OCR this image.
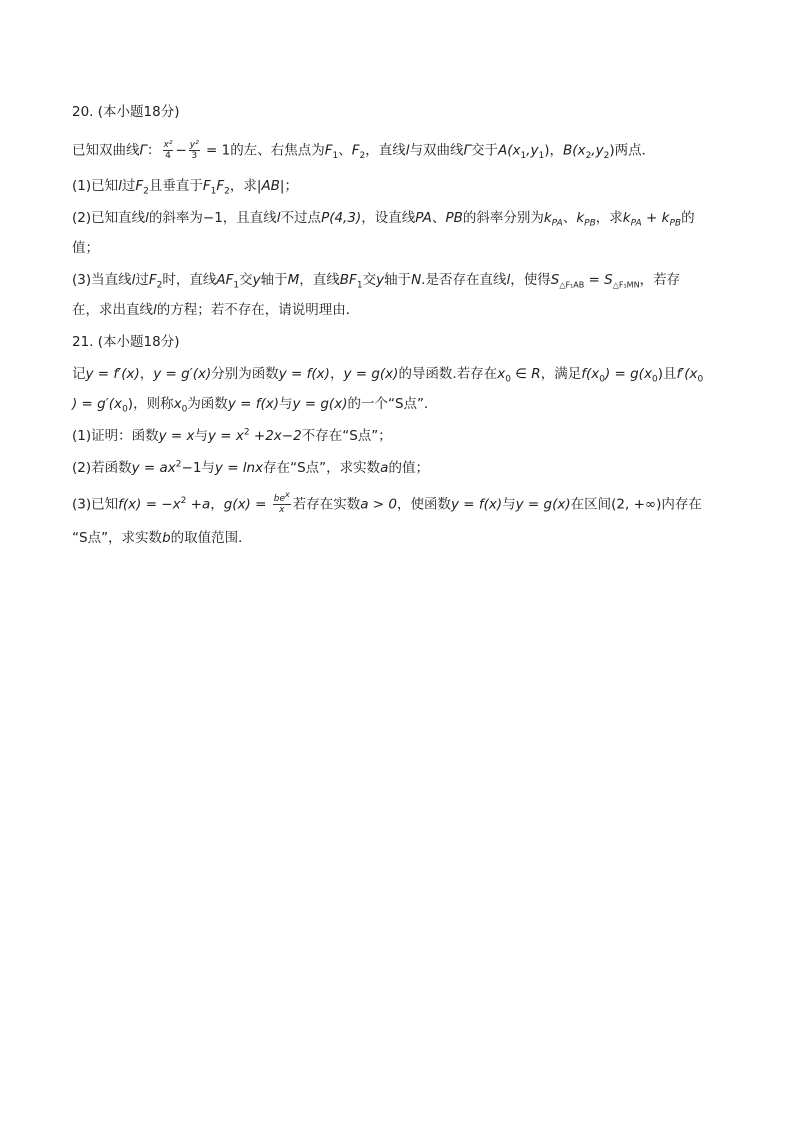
20. (本小题18分)
已知双曲线Γ： $\frac{\text{x²}}{4} - \frac{\text{y²}}{3} = 1$的左、右焦点为$F_1$、$F_2$，直线l与双曲线Γ交于$A(x_1,y_1)$，$B(x_2,y_2)$两点．
(1)已知l过$F_2$且垂直于$F_1F_2$，求|AB|；
(2)已知直线l的斜率为−1，且直线l不过点P(4,3)，设直线PA、PB的斜率分别为$k_{PA}$、$k_{PB}$，求$k_{PA} + k_{PB}$的
值；
(3)当直线l过$F_2$时，直线$AF_1$交y轴于M，直线$BF_1$交y轴于N.是否存在直线l，使得$S_{\triangle F_1AB} = S_{\triangle F_1MN}$，若存
在，求出直线l的方程；若不存在，请说明理由．
21. (本小题18分)
记y = f′(x)，y = g′(x)分别为函数y = f(x)，y = g(x)的导函数.若存在$x_0$ ∈ R，满足$f(x_0) = g(x_0)$且$f'(x_0$
) = $g'(x_0)$，则称$x_0$为函数y = f(x)与y = g(x)的一个“S点”．
(1)证明：函数y = x与$y = x^2 +2x-2$不存在“S点”；
(2)若函数$y = ax^2-1$与y = lnx存在“S点”，求实数a的值；
(3)已知$f(x) = -x^2 +a$，$g(x) = \frac{be^x}{x}$ 若存在实数a > 0，使函数y = f(x)与y = g(x)在区间(2, +∞)内存在
“S点”，求实数b的取值范围．
